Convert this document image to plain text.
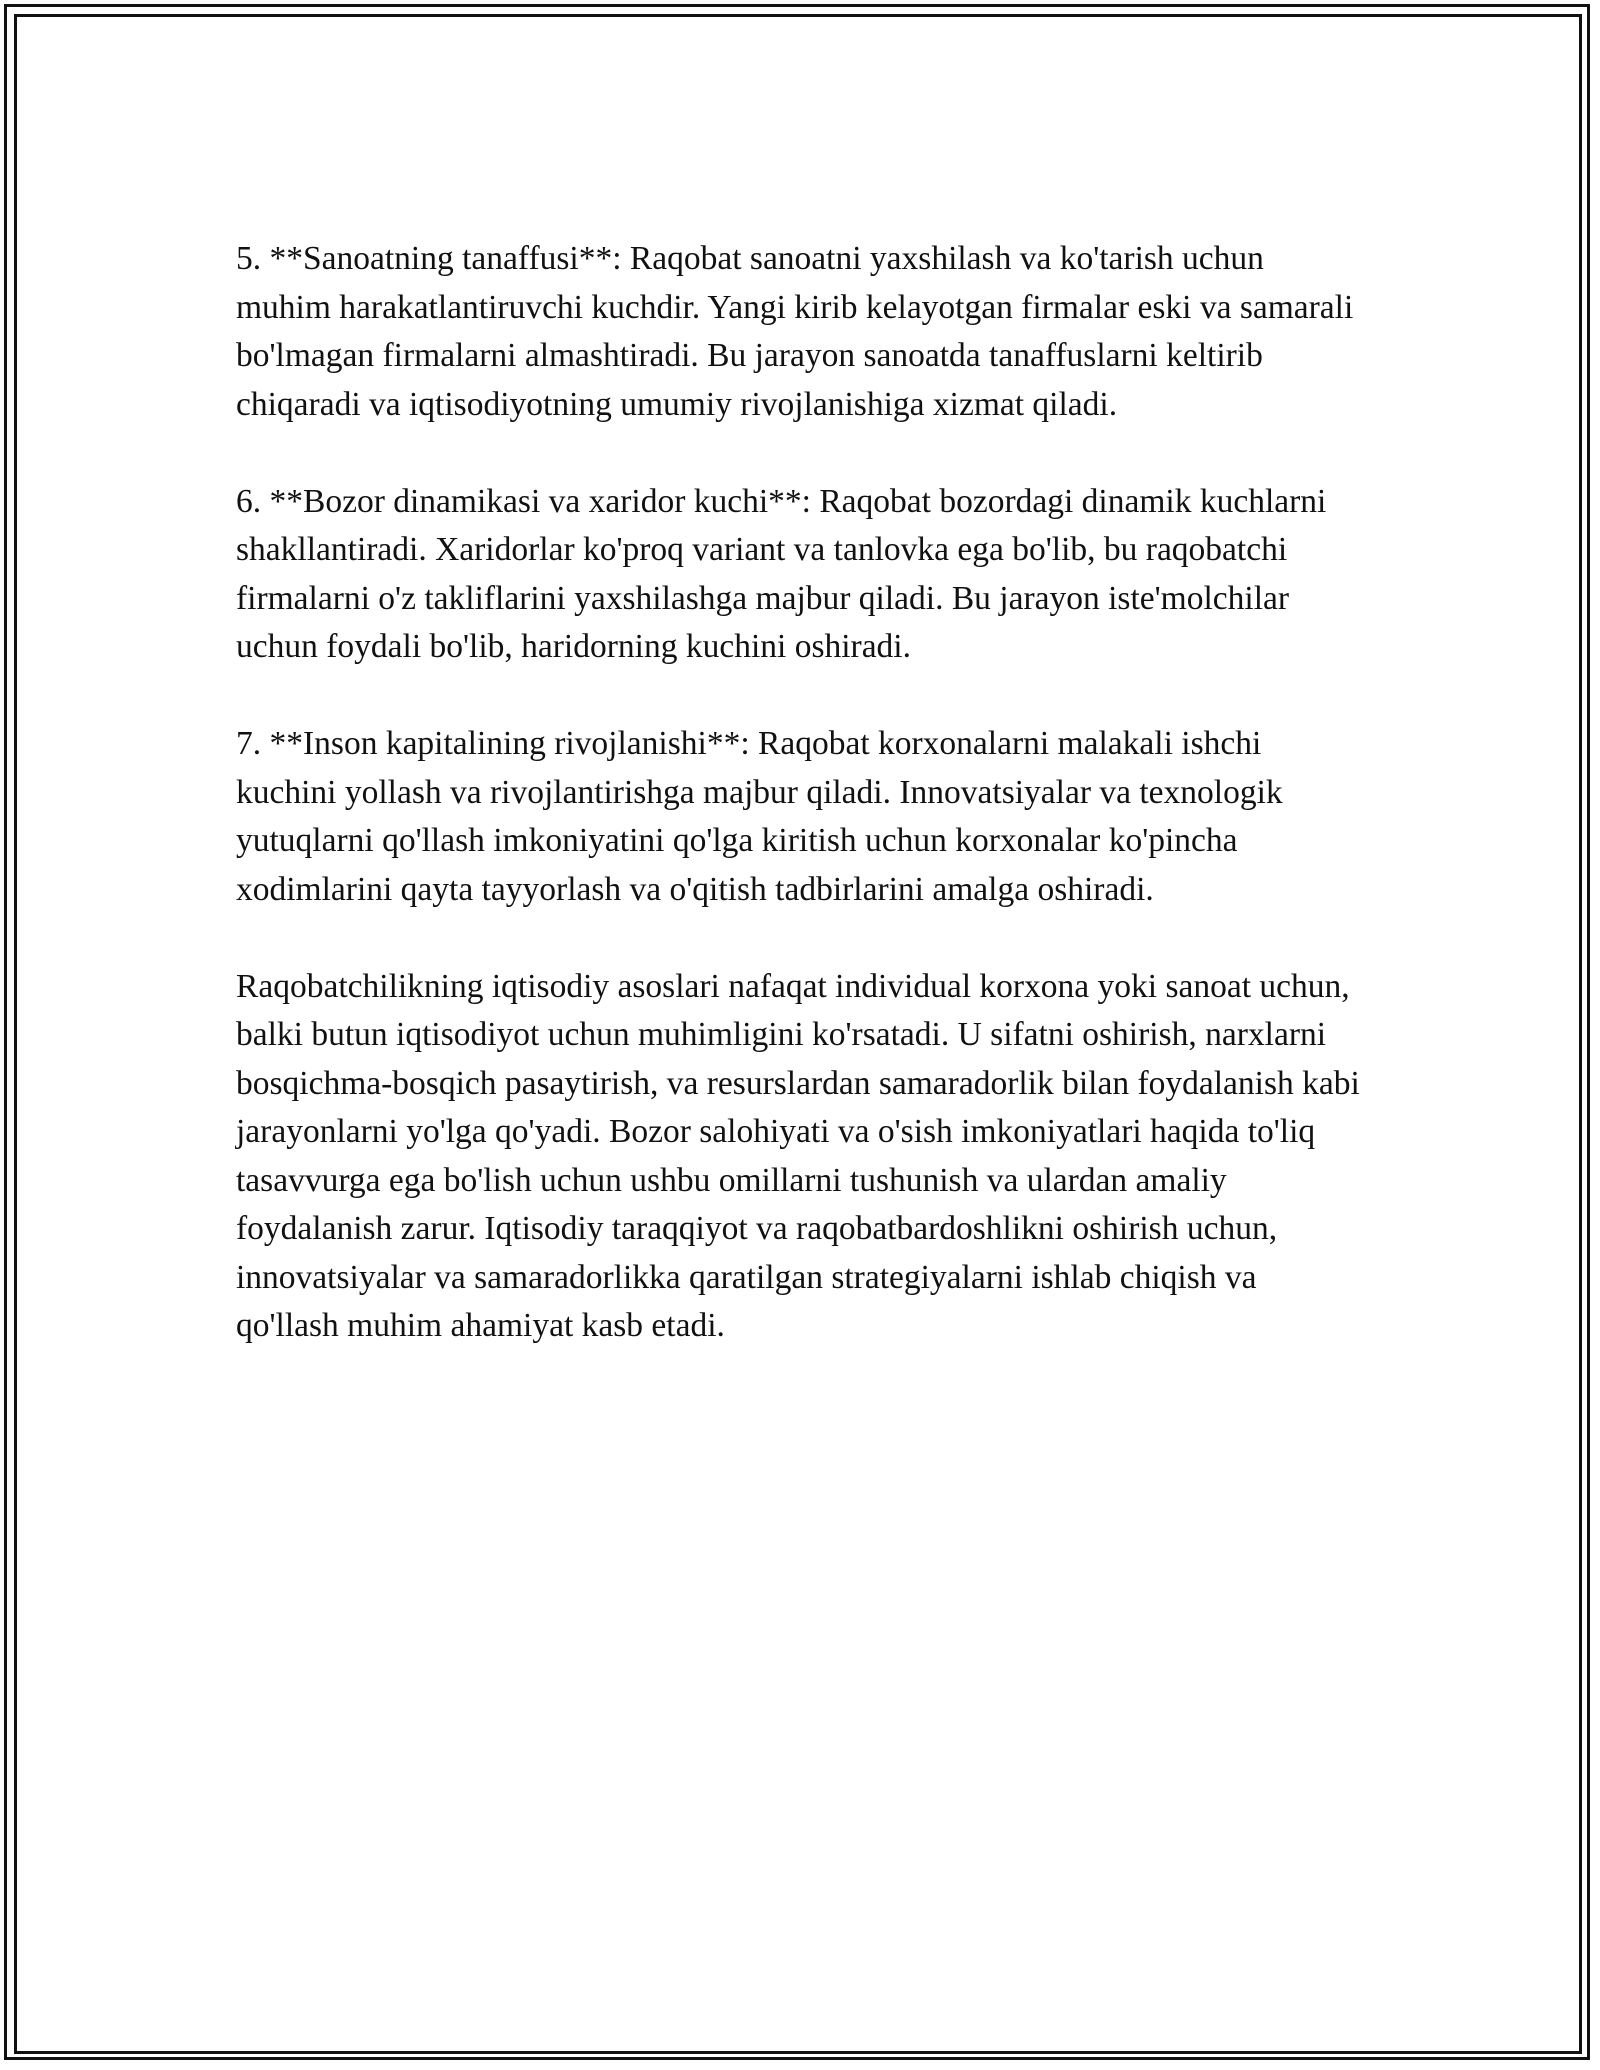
5. **Sanoatning tanaffusi**: Raqobat sanoatni yaxshilash va ko'tarish uchun muhim harakatlantiruvchi kuchdir. Yangi kirib kelayotgan firmalar eski va samarali bo'lmagan firmalarni almashtiradi. Bu jarayon sanoatda tanaffuslarni keltirib chiqaradi va iqtisodiyotning umumiy rivojlanishiga xizmat qiladi.

6. **Bozor dinamikasi va xaridor kuchi**: Raqobat bozordagi dinamik kuchlarni shakllantiradi. Xaridorlar ko'proq variant va tanlovka ega bo'lib, bu raqobatchi firmalarni o'z takliflarini yaxshilashga majbur qiladi. Bu jarayon iste'molchilar uchun foydali bo'lib, haridorning kuchini oshiradi.

7. **Inson kapitalining rivojlanishi**: Raqobat korxonalarni malakali ishchi kuchini yollash va rivojlantirishga majbur qiladi. Innovatsiyalar va texnologik yutuqlarni qo'llash imkoniyatini qo'lga kiritish uchun korxonalar ko'pincha xodimlarini qayta tayyorlash va o'qitish tadbirlarini amalga oshiradi.

Raqobatchilikning iqtisodiy asoslari nafaqat individual korxona yoki sanoat uchun, balki butun iqtisodiyot uchun muhimligini ko'rsatadi. U sifatni oshirish, narxlarni bosqichma-bosqich pasaytirish, va resurslardan samaradorlik bilan foydalanish kabi jarayonlarni yo'lga qo'yadi. Bozor salohiyati va o'sish imkoniyatlari haqida to'liq tasavvurga ega bo'lish uchun ushbu omillarni tushunish va ulardan amaliy foydalanish zarur. Iqtisodiy taraqqiyot va raqobatbardoshlikni oshirish uchun, innovatsiyalar va samaradorlikka qaratilgan strategiyalarni ishlab chiqish va qo'llash muhim ahamiyat kasb etadi.
